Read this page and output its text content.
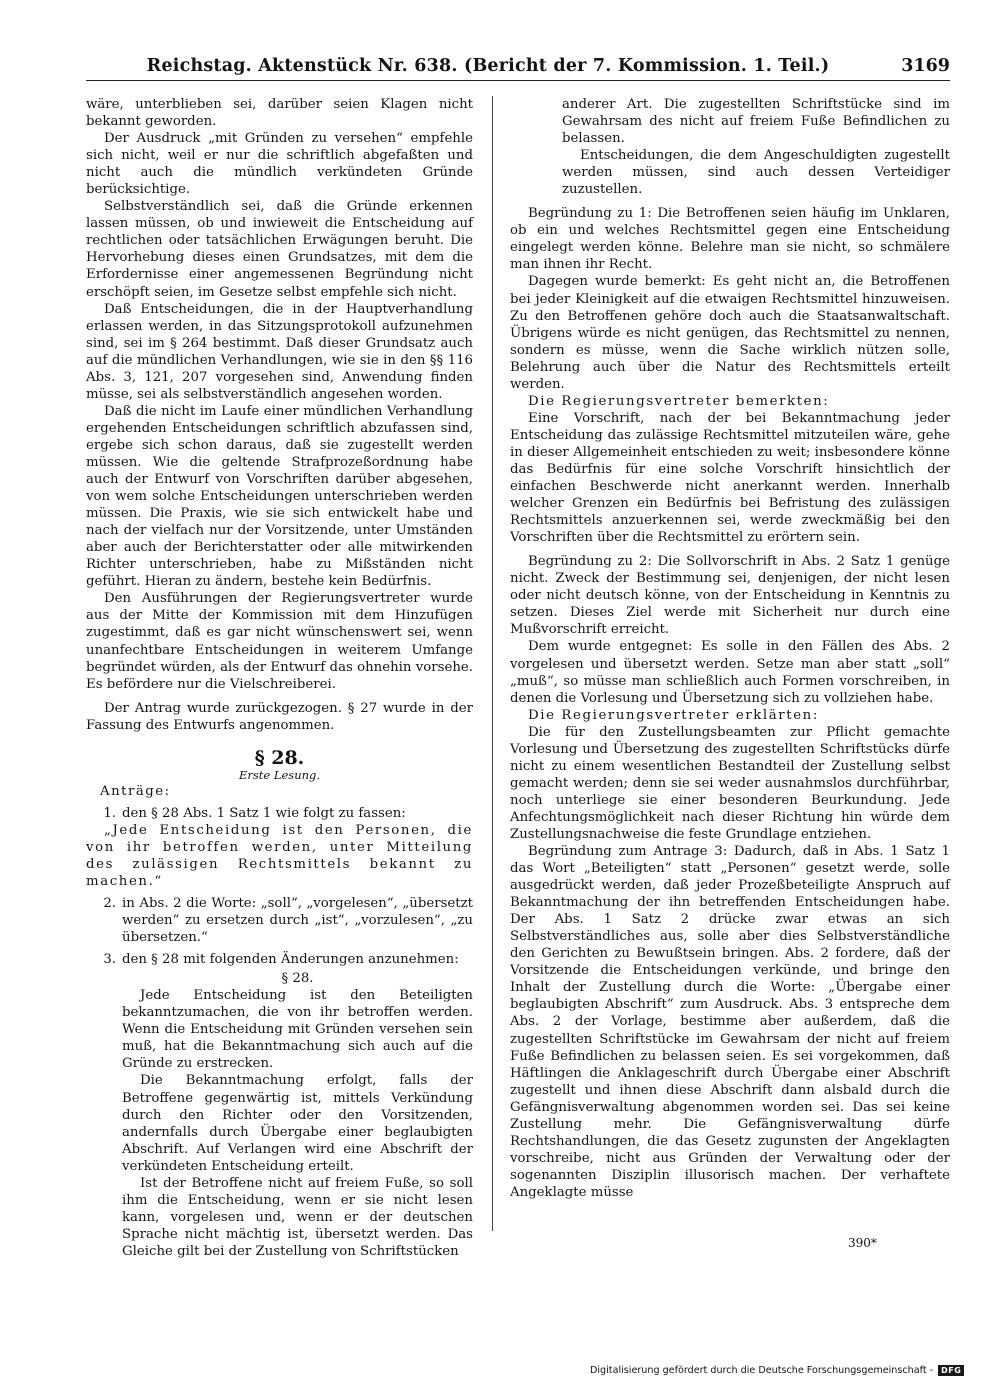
Reichstag. Aktenstück Nr. 638. (Bericht der 7. Kommission. 1. Teil.)	3169

wäre, unterblieben sei, darüber seien Klagen nicht bekannt geworden.

Der Ausdruck „mit Gründen zu versehen“ empfehle sich nicht, weil er nur die schriftlich abgefaßten und nicht auch die mündlich verkündeten Gründe berücksichtige.

Selbstverständlich sei, daß die Gründe erkennen lassen müssen, ob und inwieweit die Entscheidung auf rechtlichen oder tatsächlichen Erwägungen beruht. Die Hervorhebung dieses einen Grundsatzes, mit dem die Erfordernisse einer angemessenen Begründung nicht erschöpft seien, im Gesetze selbst empfehle sich nicht.

Daß Entscheidungen, die in der Hauptverhandlung erlassen werden, in das Sitzungsprotokoll aufzunehmen sind, sei im § 264 bestimmt. Daß dieser Grundsatz auch auf die mündlichen Verhandlungen, wie sie in den §§ 116 Abs. 3, 121, 207 vorgesehen sind, Anwendung finden müsse, sei als selbstverständlich angesehen worden.

Daß die nicht im Laufe einer mündlichen Verhandlung ergehenden Entscheidungen schriftlich abzufassen sind, ergebe sich schon daraus, daß sie zugestellt werden müssen. Wie die geltende Strafprozeßordnung habe auch der Entwurf von Vorschriften darüber abgesehen, von wem solche Entscheidungen unterschrieben werden müssen. Die Praxis, wie sie sich entwickelt habe und nach der vielfach nur der Vorsitzende, unter Umständen aber auch der Berichterstatter oder alle mitwirkenden Richter unterschrieben, habe zu Mißständen nicht geführt. Hieran zu ändern, bestehe kein Bedürfnis.

Den Ausführungen der Regierungsvertreter wurde aus der Mitte der Kommission mit dem Hinzufügen zugestimmt, daß es gar nicht wünschenswert sei, wenn unanfechtbare Entscheidungen in weiterem Umfange begründet würden, als der Entwurf das ohnehin vorsehe. Es befördere nur die Vielschreiberei.

Der Antrag wurde zurückgezogen. § 27 wurde in der Fassung des Entwurfs angenommen.

§ 28.
Erste Lesung.

Anträge:

1. den § 28 Abs. 1 Satz 1 wie folgt zu fassen:

„Jede Entscheidung ist den Personen, die von ihr betroffen werden, unter Mitteilung des zulässigen Rechtsmittels bekannt zu machen.“

2. in Abs. 2 die Worte: „soll“, „vorgelesen“, „übersetzt werden“ zu ersetzen durch „ist“, „vorzulesen“, „zu übersetzen.“
3. den § 28 mit folgenden Änderungen anzunehmen:
§ 28.

Jede Entscheidung ist den Beteiligten bekanntzumachen, die von ihr betroffen werden. Wenn die Entscheidung mit Gründen versehen sein muß, hat die Bekanntmachung sich auch auf die Gründe zu erstrecken.

Die Bekanntmachung erfolgt, falls der Betroffene gegenwärtig ist, mittels Verkündung durch den Richter oder den Vorsitzenden, andernfalls durch Übergabe einer beglaubigten Abschrift. Auf Verlangen wird eine Abschrift der verkündeten Entscheidung erteilt.

Ist der Betroffene nicht auf freiem Fuße, so soll ihm die Entscheidung, wenn er sie nicht lesen kann, vorgelesen und, wenn er der deutschen Sprache nicht mächtig ist, übersetzt werden. Das Gleiche gilt bei der Zustellung von Schriftstücken

anderer Art. Die zugestellten Schriftstücke sind im Gewahrsam des nicht auf freiem Fuße Befindlichen zu belassen.

Entscheidungen, die dem Angeschuldigten zugestellt werden müssen, sind auch dessen Verteidiger zuzustellen.

Begründung zu 1: Die Betroffenen seien häufig im Unklaren, ob ein und welches Rechtsmittel gegen eine Entscheidung eingelegt werden könne. Belehre man sie nicht, so schmälere man ihnen ihr Recht.

Dagegen wurde bemerkt: Es geht nicht an, die Betroffenen bei jeder Kleinigkeit auf die etwaigen Rechtsmittel hinzuweisen. Zu den Betroffenen gehöre doch auch die Staatsanwaltschaft. Übrigens würde es nicht genügen, das Rechtsmittel zu nennen, sondern es müsse, wenn die Sache wirklich nützen solle, Belehrung auch über die Natur des Rechtsmittels erteilt werden.

Die Regierungsvertreter bemerkten:

Eine Vorschrift, nach der bei Bekanntmachung jeder Entscheidung das zulässige Rechtsmittel mitzuteilen wäre, gehe in dieser Allgemeinheit entschieden zu weit; insbesondere könne das Bedürfnis für eine solche Vorschrift hinsichtlich der einfachen Beschwerde nicht anerkannt werden. Innerhalb welcher Grenzen ein Bedürfnis bei Befristung des zulässigen Rechtsmittels anzuerkennen sei, werde zweckmäßig bei den Vorschriften über die Rechtsmittel zu erörtern sein.

Begründung zu 2: Die Sollvorschrift in Abs. 2 Satz 1 genüge nicht. Zweck der Bestimmung sei, denjenigen, der nicht lesen oder nicht deutsch könne, von der Entscheidung in Kenntnis zu setzen. Dieses Ziel werde mit Sicherheit nur durch eine Mußvorschrift erreicht.

Dem wurde entgegnet: Es solle in den Fällen des Abs. 2 vorgelesen und übersetzt werden. Setze man aber statt „soll“ „muß“, so müsse man schließlich auch Formen vorschreiben, in denen die Vorlesung und Übersetzung sich zu vollziehen habe.

Die Regierungsvertreter erklärten:

Die für den Zustellungsbeamten zur Pflicht gemachte Vorlesung und Übersetzung des zugestellten Schriftstücks dürfe nicht zu einem wesentlichen Bestandteil der Zustellung selbst gemacht werden; denn sie sei weder ausnahmslos durchführbar, noch unterliege sie einer besonderen Beurkundung. Jede Anfechtungsmöglichkeit nach dieser Richtung hin würde dem Zustellungsnachweise die feste Grundlage entziehen.

Begründung zum Antrage 3: Dadurch, daß in Abs. 1 Satz 1 das Wort „Beteiligten“ statt „Personen“ gesetzt werde, solle ausgedrückt werden, daß jeder Prozeßbeteiligte Anspruch auf Bekanntmachung der ihn betreffenden Entscheidungen habe. Der Abs. 1 Satz 2 drücke zwar etwas an sich Selbstverständliches aus, solle aber dies Selbstverständliche den Gerichten zu Bewußtsein bringen. Abs. 2 fordere, daß der Vorsitzende die Entscheidungen verkünde, und bringe den Inhalt der Zustellung durch die Worte: „Übergabe einer beglaubigten Abschrift“ zum Ausdruck. Abs. 3 entspreche dem Abs. 2 der Vorlage, bestimme aber außerdem, daß die zugestellten Schriftstücke im Gewahrsam der nicht auf freiem Fuße Befindlichen zu belassen seien. Es sei vorgekommen, daß Häftlingen die Anklageschrift durch Übergabe einer Abschrift zugestellt und ihnen diese Abschrift dann alsbald durch die Gefängnisverwaltung abgenommen worden sei. Das sei keine Zustellung mehr. Die Gefängnisverwaltung dürfe Rechtshandlungen, die das Gesetz zugunsten der Angeklagten vorschreibe, nicht aus Gründen der Verwaltung oder der sogenannten Disziplin illusorisch machen. Der verhaftete Angeklagte müsse

390*
Digitalisierung gefördert durch die Deutsche Forschungsgemeinschaft -	DFG
